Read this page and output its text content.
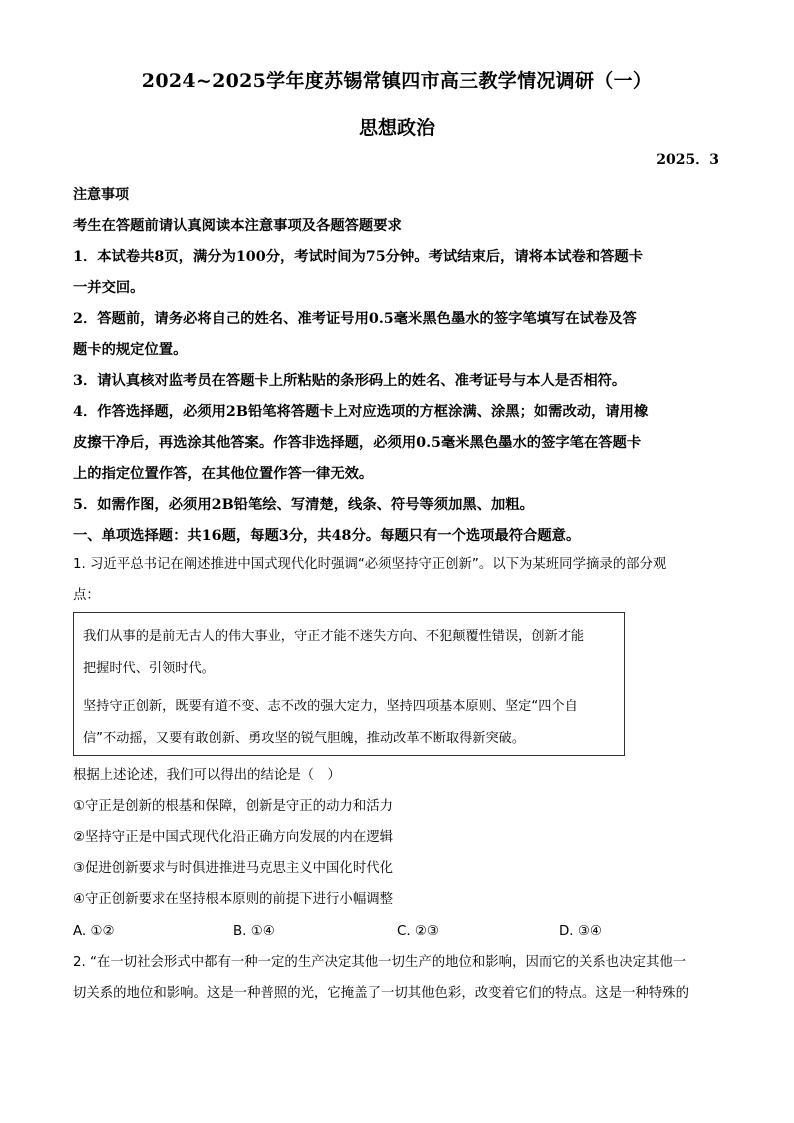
2024~2025学年度苏锡常镇四市高三教学情况调研（一）
思想政治
2025．3
注意事项
考生在答题前请认真阅读本注意事项及各题答题要求
1．本试卷共8页，满分为100分，考试时间为75分钟。考试结束后，请将本试卷和答题卡
一并交回。
2．答题前，请务必将自己的姓名、准考证号用0.5毫米黑色墨水的签字笔填写在试卷及答
题卡的规定位置。
3．请认真核对监考员在答题卡上所粘贴的条形码上的姓名、准考证号与本人是否相符。
4．作答选择题，必须用2B铅笔将答题卡上对应选项的方框涂满、涂黑；如需改动，请用橡
皮擦干净后，再选涂其他答案。作答非选择题，必须用0.5毫米黑色墨水的签字笔在答题卡
上的指定位置作答，在其他位置作答一律无效。
5．如需作图，必须用2B铅笔绘、写清楚，线条、符号等须加黑、加粗。
一、单项选择题：共16题，每题3分，共48分。每题只有一个选项最符合题意。
1. 习近平总书记在阐述推进中国式现代化时强调“必须坚持守正创新”。以下为某班同学摘录的部分观
点：
我们从事的是前无古人的伟大事业，守正才能不迷失方向、不犯颠覆性错误，创新才能
把握时代、引领时代。
坚持守正创新，既要有道不变、志不改的强大定力，坚持四项基本原则、坚定“四个自
信”不动摇，又要有敢创新、勇攻坚的锐气胆魄，推动改革不断取得新突破。
根据上述论述，我们可以得出的结论是（　）
①守正是创新的根基和保障，创新是守正的动力和活力
②坚持守正是中国式现代化沿正确方向发展的内在逻辑
③促进创新要求与时俱进推进马克思主义中国化时代化
④守正创新要求在坚持根本原则的前提下进行小幅调整
A. ①②	B. ①④	C. ②③	D. ③④
2. “在一切社会形式中都有一种一定的生产决定其他一切生产的地位和影响，因而它的关系也决定其他一
切关系的地位和影响。这是一种普照的光，它掩盖了一切其他色彩，改变着它们的特点。这是一种特殊的
